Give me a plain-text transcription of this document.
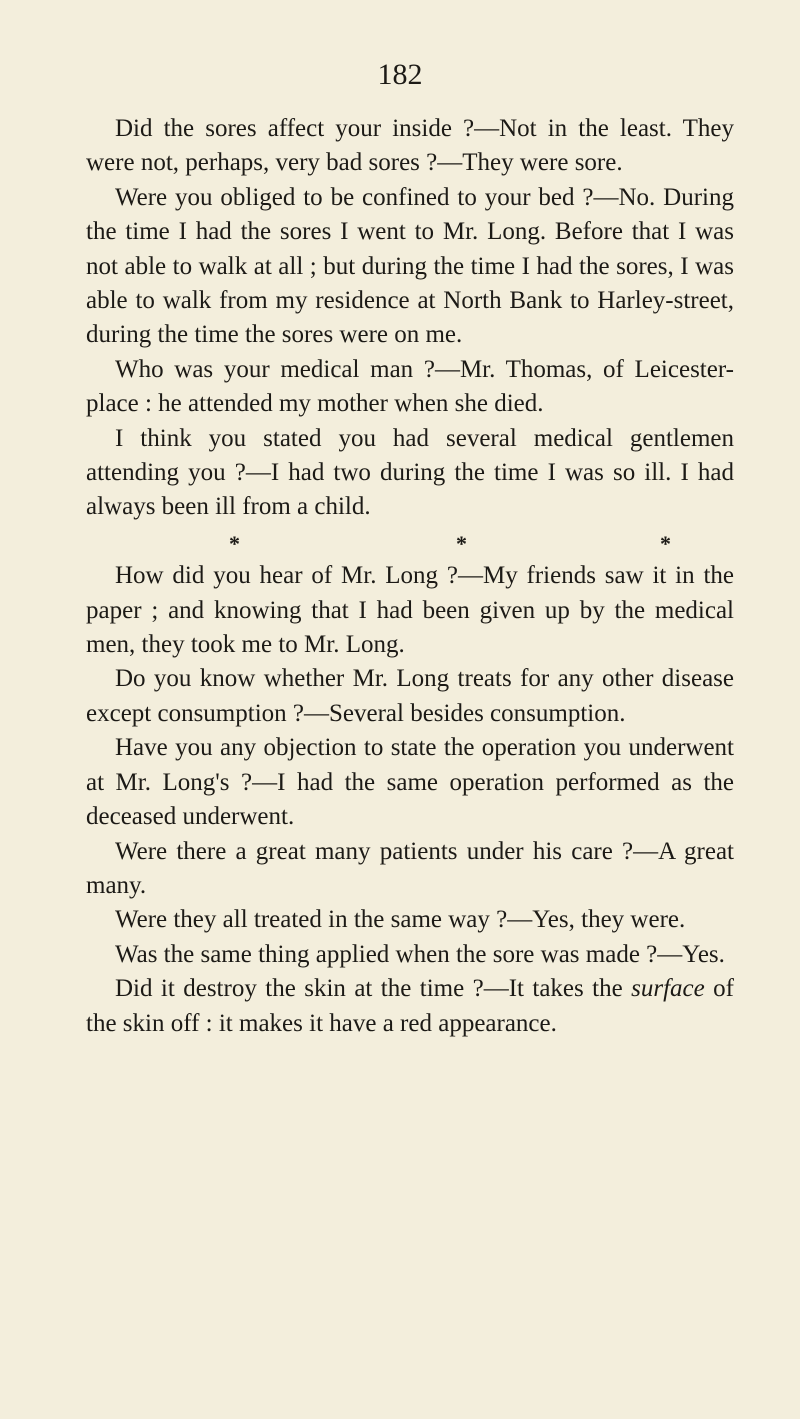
182

Did the sores affect your inside ?—Not in the least. They were not, perhaps, very bad sores ?—They were sore.

Were you obliged to be confined to your bed ?—No. During the time I had the sores I went to Mr. Long. Before that I was not able to walk at all ; but during the time I had the sores, I was able to walk from my residence at North Bank to Harley-street, during the time the sores were on me.

Who was your medical man ?—Mr. Thomas, of Leicester-place : he attended my mother when she died.

I think you stated you had several medical gentlemen attending you ?—I had two during the time I was so ill. I had always been ill from a child.

*	*	*

How did you hear of Mr. Long ?—My friends saw it in the paper ; and knowing that I had been given up by the medical men, they took me to Mr. Long.

Do you know whether Mr. Long treats for any other disease except consumption ?—Several besides consumption.

Have you any objection to state the operation you underwent at Mr. Long's ?—I had the same operation performed as the deceased underwent.

Were there a great many patients under his care ?—A great many.

Were they all treated in the same way ?—Yes, they were.

Was the same thing applied when the sore was made ?—Yes.

Did it destroy the skin at the time ?—It takes the surface of the skin off : it makes it have a red appearance.
